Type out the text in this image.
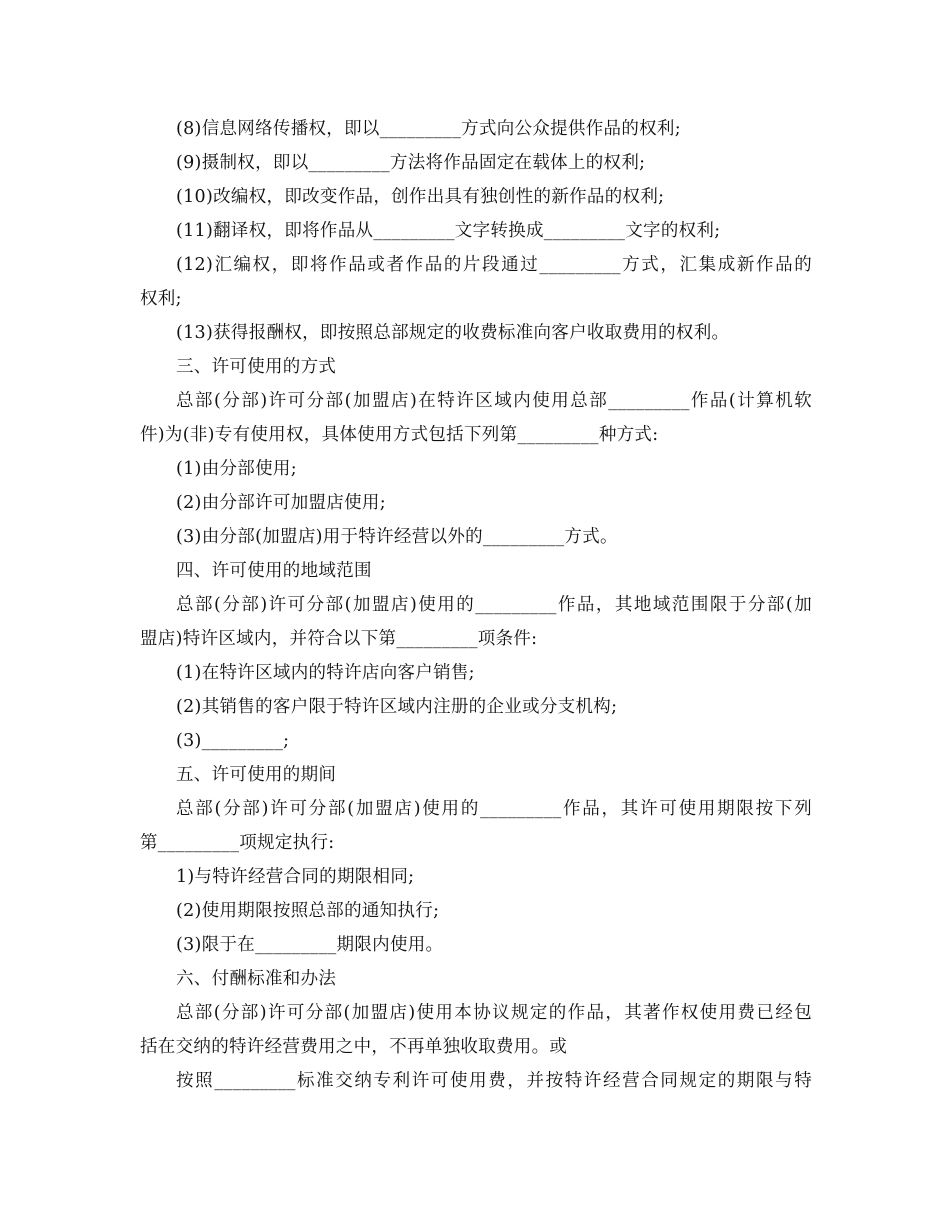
(8)信息网络传播权，即以_________方式向公众提供作品的权利;
(9)摄制权，即以_________方法将作品固定在载体上的权利;
(10)改编权，即改变作品，创作出具有独创性的新作品的权利;
(11)翻译权，即将作品从_________文字转换成_________文字的权利;
(12)汇编权，即将作品或者作品的片段通过_________方式，汇集成新作品的
权利;
(13)获得报酬权，即按照总部规定的收费标准向客户收取费用的权利。
三、许可使用的方式
总部(分部)许可分部(加盟店)在特许区域内使用总部_________作品(计算机软
件)为(非)专有使用权，具体使用方式包括下列第_________种方式:
(1)由分部使用;
(2)由分部许可加盟店使用;
(3)由分部(加盟店)用于特许经营以外的_________方式。
四、许可使用的地域范围
总部(分部)许可分部(加盟店)使用的_________作品，其地域范围限于分部(加
盟店)特许区域内，并符合以下第_________项条件:
(1)在特许区域内的特许店向客户销售;
(2)其销售的客户限于特许区域内注册的企业或分支机构;
(3)_________;
五、许可使用的期间
总部(分部)许可分部(加盟店)使用的_________作品，其许可使用期限按下列
第_________项规定执行:
1)与特许经营合同的期限相同;
(2)使用期限按照总部的通知执行;
(3)限于在_________期限内使用。
六、付酬标准和办法
总部(分部)许可分部(加盟店)使用本协议规定的作品，其著作权使用费已经包
括在交纳的特许经营费用之中，不再单独收取费用。或
按照_________标准交纳专利许可使用费，并按特许经营合同规定的期限与特
